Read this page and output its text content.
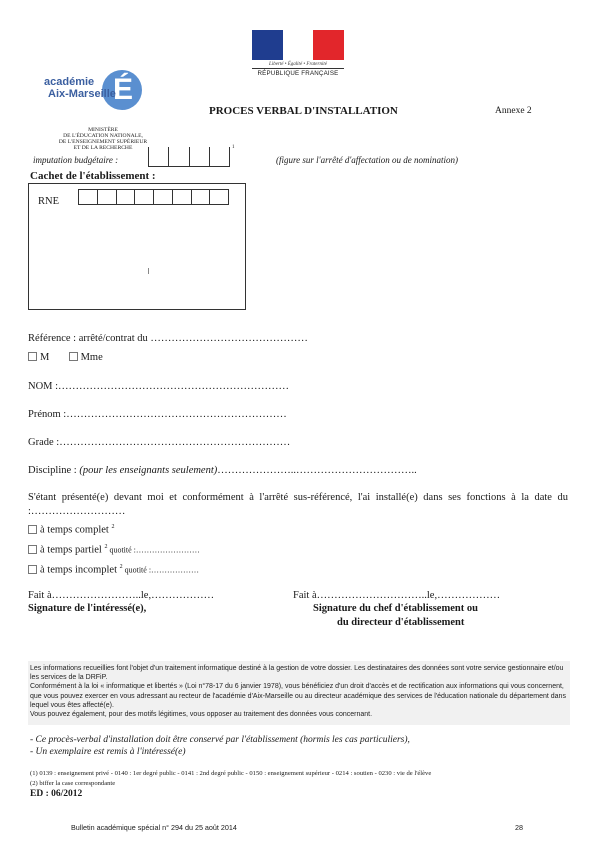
Liberté • Égalité • Fraternité
RÉPUBLIQUE FRANÇAISE
É
académie
Aix-Marseille
MINISTÈRE
DE L'ÉDUCATION NATIONALE,
DE L'ENSEIGNEMENT SUPÉRIEUR
ET DE LA RECHERCHE
PROCES VERBAL D'INSTALLATION	Annexe 2
imputation budgétaire :
1
(figure sur l'arrêté d'affectation ou de nomination)
Cachet de l'établissement :
RNE
Référence : arrêté/contrat du ………………………………………
M	Mme
NOM :…………………………………………………………
Prénom :………………………………………………………
Grade :…………………………………………………………
Discipline : (pour les enseignants seulement)…………………..……………………………..
S'étant présenté(e) devant moi et conformément à l'arrêté sus-référencé, l'ai installé(e) dans ses fonctions à la date du :………………………
à temps complet $^2$
à temps partiel $^2$ quotité :……………………
à temps incomplet $^2$ quotité :………………
Fait à……………………..le,………………
Signature de l'intéressé(e),
Fait à…………………………..le,………………
Signature du chef d'établissement ou
du directeur d'établissement
Les informations recueillies font l'objet d'un traitement informatique destiné à la gestion de votre dossier. Les destinataires des données sont votre service gestionnaire et/ou les services de la DRFiP.
Conformément à la loi « informatique et libertés » (Loi n°78-17 du 6 janvier 1978), vous bénéficiez d'un droit d'accès et de rectification aux informations qui vous concernent, que vous pouvez exercer en vous adressant au recteur de l'académie d'Aix-Marseille ou au directeur académique des services de l'éducation nationale du département dans lequel vous êtes affecté(e).
Vous pouvez également, pour des motifs légitimes, vous opposer au traitement des données vous concernant.
- Ce procès-verbal d'installation doit être conservé par l'établissement (hormis les cas particuliers),
- Un exemplaire est remis à l'intéressé(e)
(1) 0139 : enseignement privé - 0140 : 1er degré public - 0141 : 2nd degré public - 0150 : enseignement supérieur - 0214 : soutien - 0230 : vie de l'élève
(2) biffer la case correspondante
ED : 06/2012
Bulletin académique spécial n° 294 du 25 août 2014	28
